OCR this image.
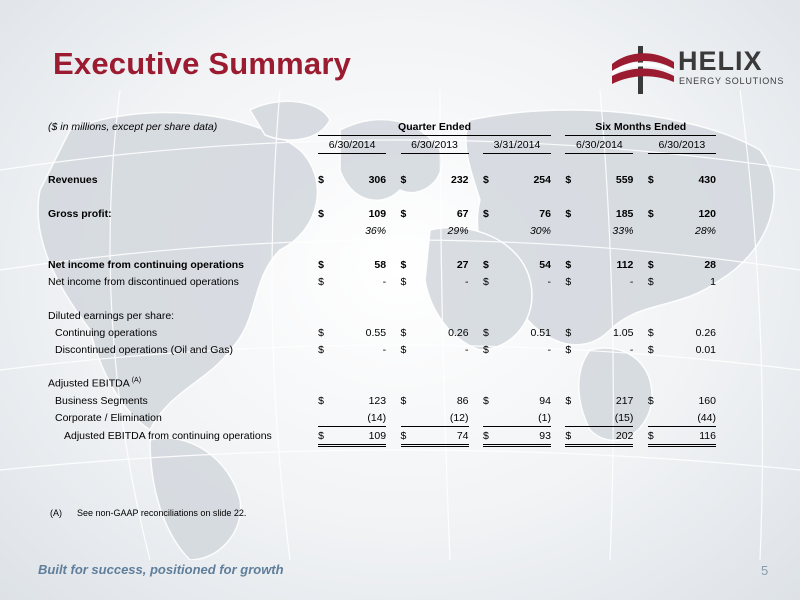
Executive Summary	HELIX
ENERGY SOLUTIONS
($ in millions, except per share data)	Quarter Ended									Six Months Ended				
	6/30/2014			6/30/2013			3/31/2014			6/30/2014			6/30/2013	

Revenues	$	306		$	232		$	254		$	559		$	430

Gross profit:	$	109		$	67		$	76		$	185		$	120
		36%			29%			30%			33%			28%

Net income from continuing operations	$	58		$	27		$	54		$	112		$	28
Net income from discontinued operations	$	-		$	-		$	-		$	-		$	1

Diluted earnings per share:														
Continuing operations	$	0.55		$	0.26		$	0.51		$	1.05		$	0.26
Discontinued operations (Oil and Gas)	$	-		$	-		$	-		$	-		$	0.01

Adjusted EBITDA $^{(A)}$	
Business Segments	$	123		$	86		$	94		$	217		$	160
Corporate / Elimination		(14)			(12)			(1)			(15)			(44)
Adjusted EBITDA from continuing operations	$	109		$	74		$	93		$	202		$	116
(A) See non-GAAP reconciliations on slide 22.
Built for success, positioned for growth	5
